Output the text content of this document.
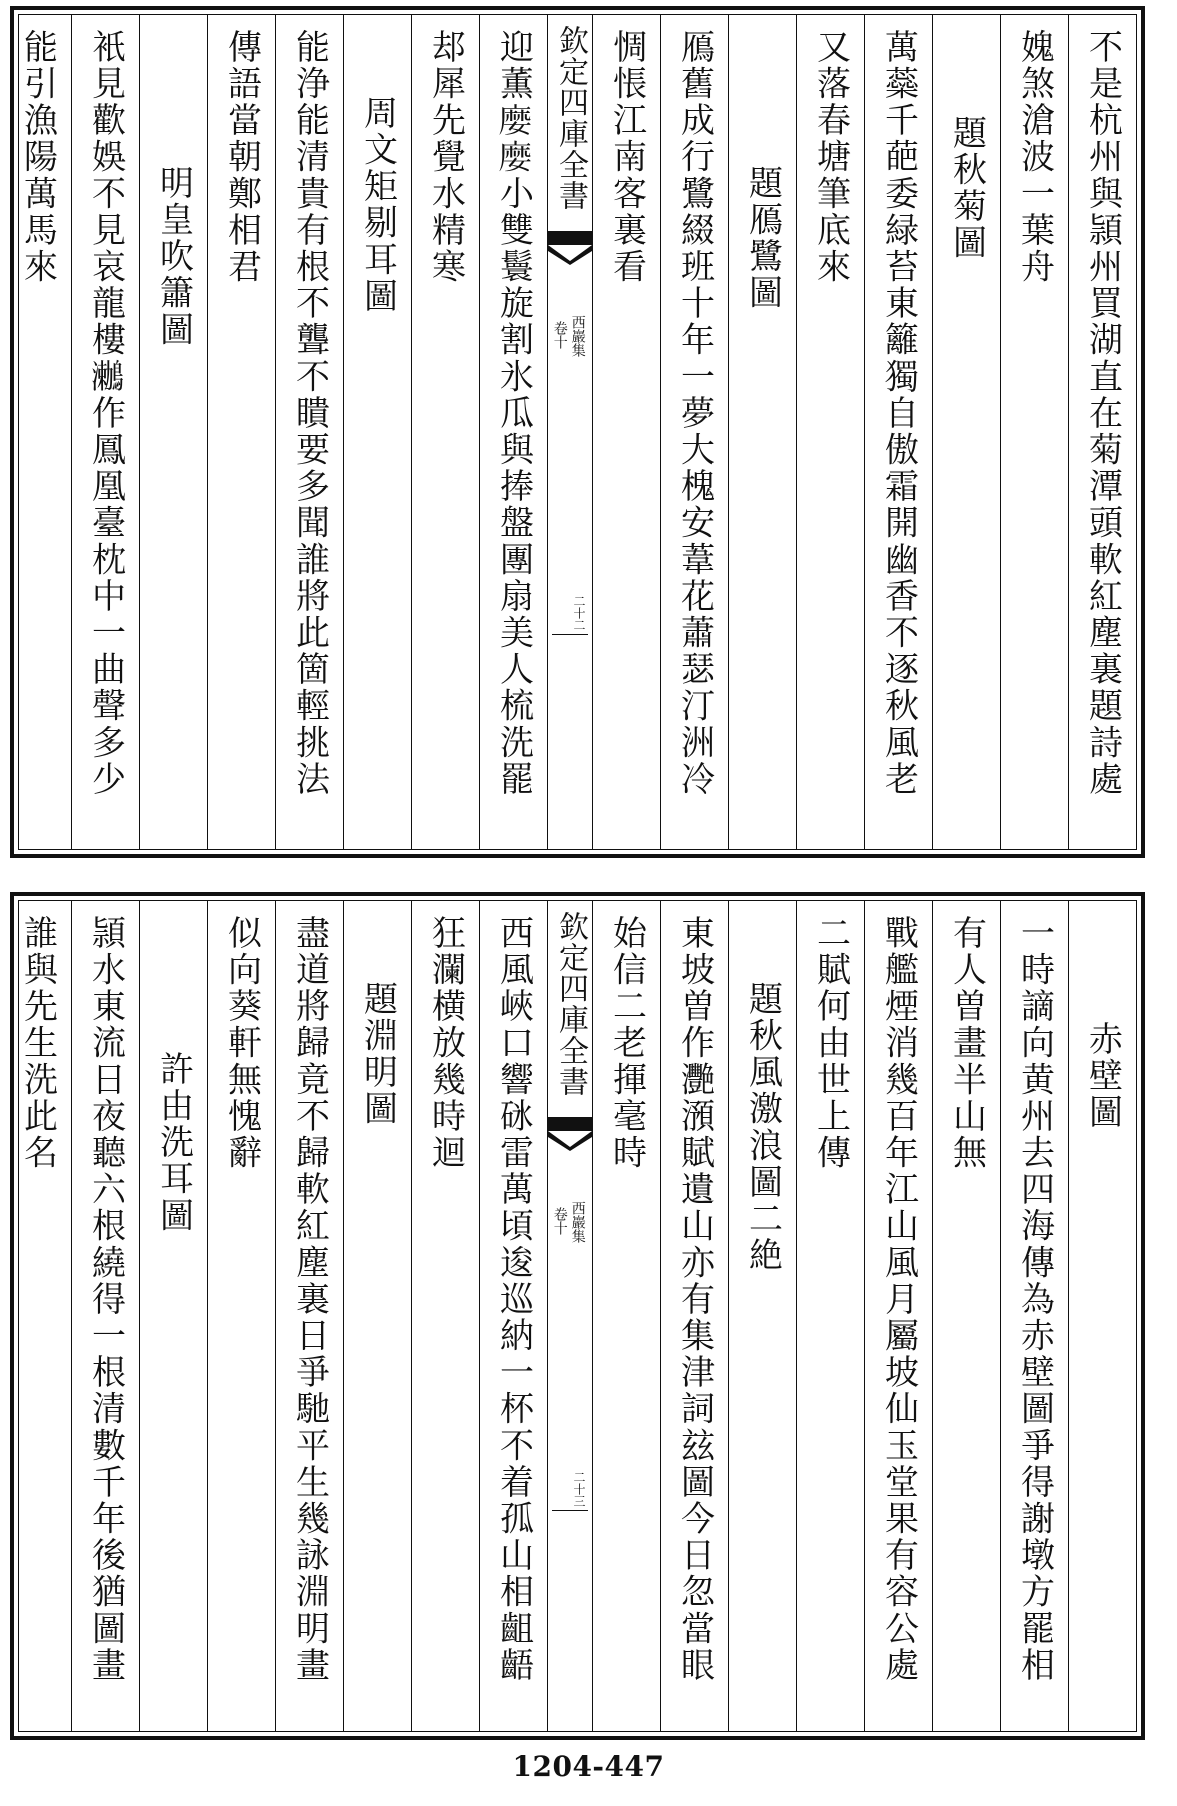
不是杭州與頴州買湖直在菊潭頭軟紅塵裏題詩處
媿煞滄波一葉舟
題秋菊圖
萬蘂千葩委緑苔東籬獨自傲霜開幽香不逐秋風老
又落春塘筆底來
題鴈鷺圖
鴈舊成行鷺綴班十年一夢大槐安葦花蕭瑟汀洲冷
惆悵江南客裏看
欽定四庫全書
西巖集
卷十
二十二
迎薫𡡉𡡉小雙鬟旋割氷瓜與捧盤團扇美人梳洗罷
𨚫犀先覺水精寒
周文矩剔耳圖
能浄能清貴有根不聾不瞶要多聞誰將此箇輕挑法
傳語當朝鄭相君
明皇吹簫圖
衹見歡娛不見哀龍樓𪆟作鳳凰臺枕中一曲聲多少
能引漁陽萬馬來
赤壁圖
一時謫向黄州去四海傳為赤壁圖爭得謝墩方罷相
有人曽畫半山無
戰艦煙消幾百年江山風月屬坡仙玉堂果有容公處
二賦何由世上傳
題秋風激浪圖二絶
東坡曽作灧澦賦遺山亦有集津詞玆圖今日忽當眼
始信二老揮毫時
欽定四庫全書
西巖集
卷十
二十三
西風峽口響砯雷萬頃逡巡納一杯不着孤山相齟齬
狂瀾横放幾時迴
題淵明圖
盡道將歸竟不歸軟紅塵裏日爭馳平生幾詠淵明畫
似向葵軒無愧辭
許由洗耳圖
頴水東流日夜聽六根繞得一根清數千年後猶圖畫
誰與先生洗此名
1204-447
